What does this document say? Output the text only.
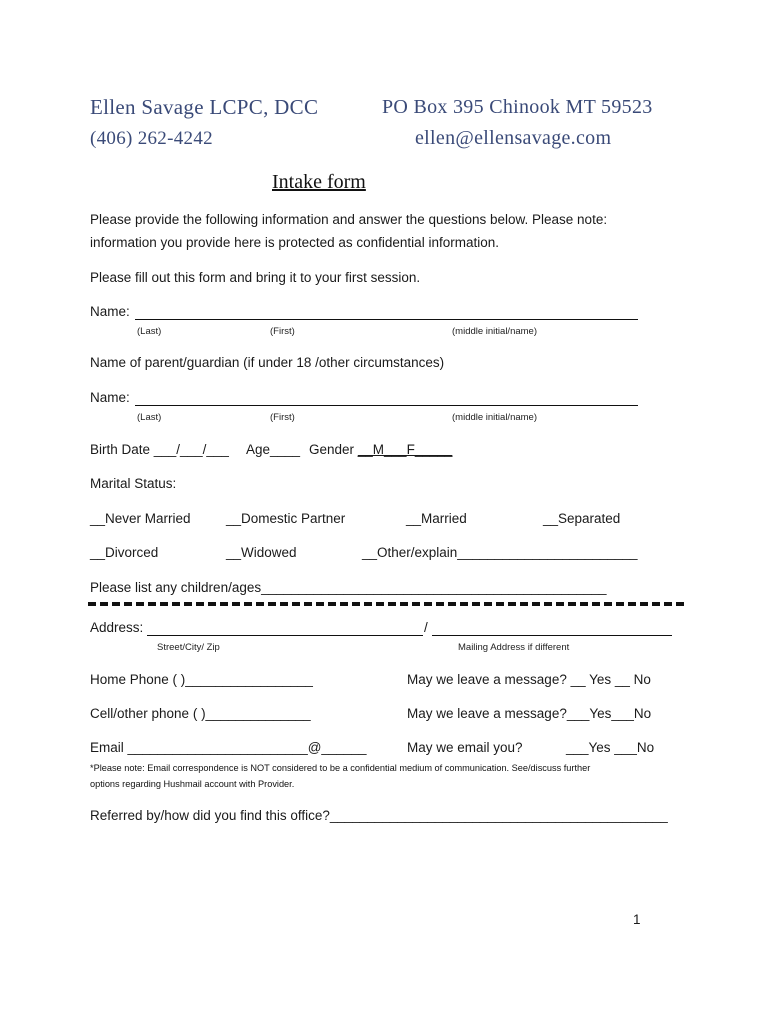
Ellen Savage LCPC, DCC	PO Box 395 Chinook MT 59523
(406) 262-4242	ellen@ellensavage.com
Intake form
Please provide the following information and answer the questions below. Please note:
information you provide here is protected as confidential information.
Please fill out this form and bring it to your first session.
Name:
(Last)	(First)	(middle initial/name)
Name of parent/guardian (if under 18 /other circumstances)
Name:
(Last)	(First)	(middle initial/name)
Birth Date ___/___/___ Age____ Gender __M___F_____
Marital Status:
__Never Married	__Domestic Partner	__Married	__Separated
__Divorced	__Widowed	__Other/explain________________________
Please list any children/ages______________________________________________
Address:	/
Street/City/ Zip	Mailing Address if different
Home Phone ( )_________________	May we leave a message? __ Yes __ No
Cell/other phone ( )______________	May we leave a message?___Yes___No
Email ________________________@______	May we email you?	___Yes ___No
*Please note: Email correspondence is NOT considered to be a confidential medium of communication. See/discuss further
options regarding Hushmail account with Provider.
Referred by/how did you find this office?_____________________________________________
1
